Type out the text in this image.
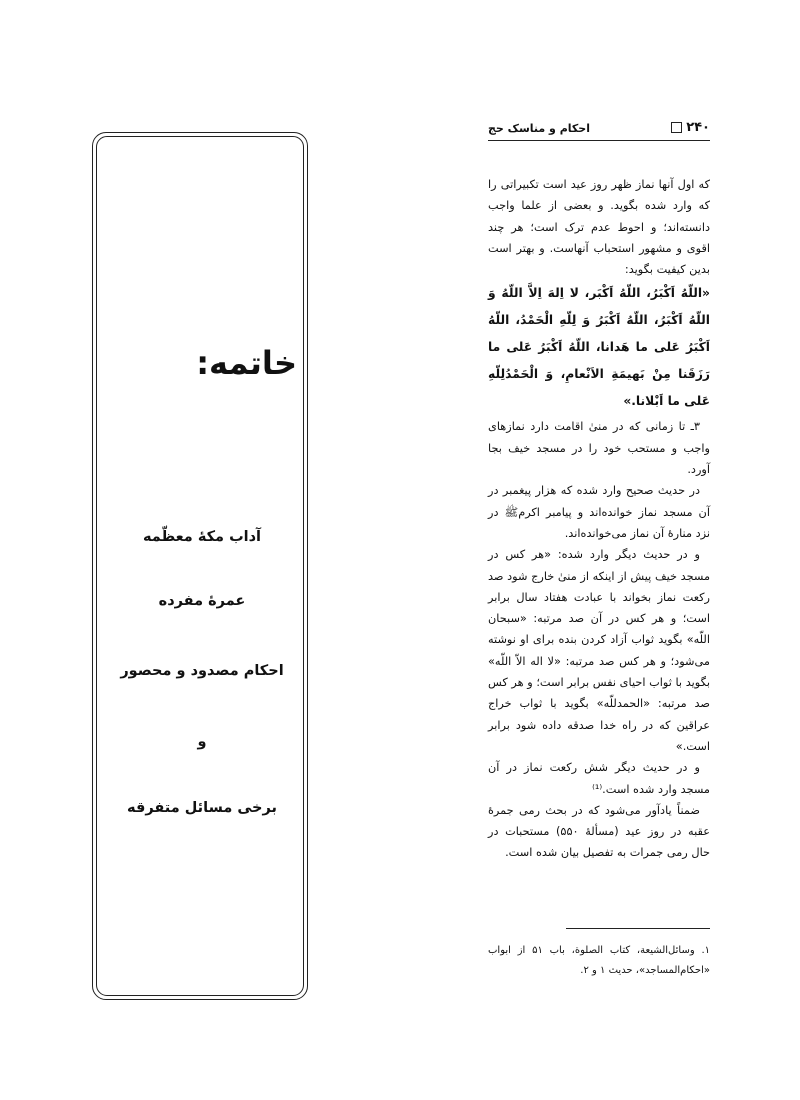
۲۴۰
احکام و مناسک حج

که اول آنها نماز ظهر روز عید است تکبیراتی را که وارد شده بگوید. و بعضی از علما واجب دانسته‌اند؛ و احوط عدم ترک است؛ هر چند اقوی و مشهور استحباب آنهاست. و بهتر است بدین کیفیت بگوید:

«اللّهُ اَکْبَرُ، اللّهُ اَکْبَر، لا اِلهَ اِلاَّ اللّهُ وَ اللّهُ اَکْبَرُ، اللّهُ اَکْبَرُ وَ لِلّهِ الْحَمْدُ، اللّهُ اَکْبَرُ عَلی ما هَدانا، اللّهُ اَکْبَرُ عَلی ما رَزَقَنا مِنْ بَهیمَةِ الاَنْعامِ، وَ الْحَمْدُلِلّهِ عَلی ما اَبْلانا.»

۳ـ تا زمانی که در منیٰ اقامت دارد نمازهای واجب و مستحب خود را در مسجد خیف بجا آورد.

در حدیث صحیح وارد شده که هزار پیغمبر در آن مسجد نماز خوانده‌اند و پیامبر اکرمﷺ در نزد منارهٔ آن نماز می‌خوانده‌اند.

و در حدیث دیگر وارد شده: «هر کس در مسجد خیف پیش از اینکه از منیٰ خارج شود صد رکعت نماز بخواند با عبادت هفتاد سال برابر است؛ و هر کس در آن صد مرتبه: «سبحان اللّه» بگوید ثواب آزاد کردن بنده برای او نوشته می‌شود؛ و هر کس صد مرتبه: «لا اله الاّ اللّه» بگوید با ثواب احیای نفس برابر است؛ و هر کس صد مرتبه: «الحمدللّه» بگوید با ثواب خراج عراقین که در راه خدا صدقه داده شود برابر است.»

و در حدیث دیگر شش رکعت نماز در آن مسجد وارد شده است.⁽¹⁾

ضمناً یادآور می‌شود که در بحث رمی جمرهٔ عقبه در روز عید (مسألهٔ ۵۵۰) مستحبات در حال رمی جمرات به تفصیل بیان شده است.

۱. وسائل‌الشیعة، کتاب الصلوة، باب ۵۱ از ابواب «احکام‌المساجد»، حدیث ۱ و ۲.

خاتمه:
آداب مکهٔ معظّمه
عمرهٔ مفرده
احکام مصدود و محصور
و
برخی مسائل متفرقه
